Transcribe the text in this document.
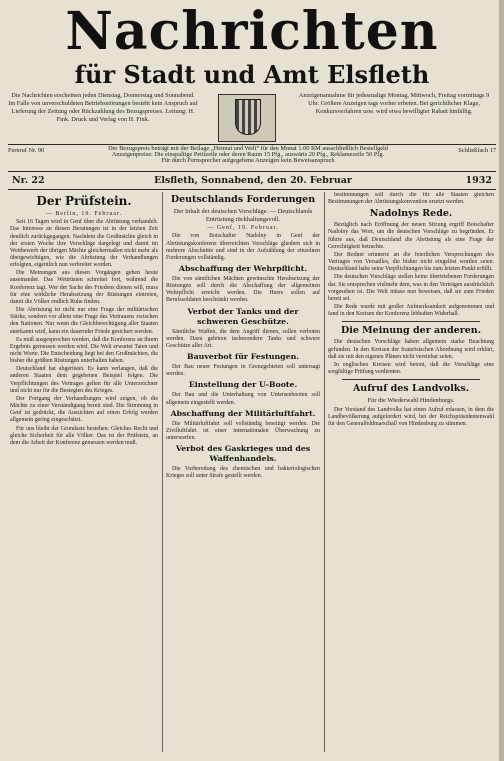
Nachrichten
für Stadt und Amt Elsfleth
Die Nachrichten erscheinen jeden Dienstag, Donnerstag und Sonnabend. Im Falle von unverschuldeten Betriebsstörungen besteht kein Anspruch auf Lieferung der Zeitung oder Rückzahlung des Bezugspreises. Leitung: H. Fink. Druck und Verlag von H. Fink.
Anzeigenannahme für jedesmalige Montag, Mittwoch, Freitag vormittags 9 Uhr. Größere Anzeigen tags vorher erbeten. Bei gerichtlicher Klage, Konkursverfahren usw. wird etwa bewilligter Rabatt hinfällig.
Fernruf Nr. 90	Der Bezugspreis beträgt mit der Beilage „Heimat und Welt“ für den Monat 1.00 RM ausschließlich Bestellgeld
Anzeigenpreise: Die einspaltige Petitzeile oder deren Raum 15 Pfg., auswärts 20 Pfg., Reklamezeile 50 Pfg.
Für durch Fernsprecher aufgegebene Anzeigen kein Beweisanspruch
Schließfach 17
Nr. 22	Elsfleth, Sonnabend, den 20. Februar	1932
Der Prüfstein.
— Berlin, 19. Februar.

Seit 16 Tagen wird in Genf über die Abrüstung verhandelt. Das Interesse an diesen Beratungen ist in der letzten Zeit deutlich zurückgegangen. Nachdem die Großmächte gleich in der ersten Woche ihre Vorschläge dargelegt und damit im Wettbewerb der übrigen Mächte gleichermaßen nicht mehr als übergewichtigen, wie die Abrüstung der Verhandlungen erfolgten, eigentlich nun verbreitet worden.

Die Meinungen aus diesen Vorgängen gehen heute auseinander. Das Wettrüsten schreitet fort, während die Konferenz tagt. Wer der Sache des Friedens dienen will, muss für eine wirkliche Herabsetzung der Rüstungen eintreten, damit die Völker endlich Ruhe finden.

Die Abrüstung ist nicht nur eine Frage der militärischen Stärke, sondern vor allem eine Frage des Vertrauens zwischen den Nationen. Nur wenn die Gleichberechtigung aller Staaten anerkannt wird, kann ein dauernder Friede gesichert werden.

Es muß ausgesprochen werden, daß die Konferenz an ihrem Ergebnis gemessen werden wird. Die Welt erwartet Taten und nicht Worte. Die Entscheidung liegt bei den Großmächten, die bisher die größten Rüstungen unterhalten haben.

Deutschland hat abgerüstet. Es kann verlangen, daß die anderen Staaten dem gegebenen Beispiel folgen. Die Verpflichtungen des Vertrages gelten für alle Unterzeichner und nicht nur für die Besiegten des Krieges.

Der Fortgang der Verhandlungen wird zeigen, ob die Mächte zu einer Verständigung bereit sind. Die Stimmung in Genf ist gedrückt, die Aussichten auf einen Erfolg werden allgemein gering eingeschätzt.

Für uns bleibt der Grundsatz bestehen: Gleiches Recht und gleiche Sicherheit für alle Völker. Das ist der Prüfstein, an dem die Arbeit der Konferenz gemessen werden muß.

Deutschlands Forderungen
Der Inhalt der deutschen Vorschläge. — Deutschlands Entrüstung rückhaltungsvoll.
— Genf, 19. Februar.

Die von Botschafter Nadolny in Genf der Abrüstungskonferenz überreichten Vorschläge gliedern sich in mehrere Abschnitte und sind in der Aufzählung der einzelnen Forderungen vollständig.

Abschaffung der Wehrpflicht.

Die von sämtlichen Mächten gewünschte Herabsetzung der Rüstungen soll durch die Abschaffung der allgemeinen Wehrpflicht erreicht werden. Die Heere sollen auf Berufssoldaten beschränkt werden.

Verbot der Tanks und der schweren Geschütze.

Sämtliche Waffen, die dem Angriff dienen, sollen verboten werden. Dazu gehören insbesondere Tanks und schwere Geschütze aller Art.

Bauverbot für Festungen.

Der Bau neuer Festungen in Grenzgebieten soll untersagt werden.

Einstellung der U-Boote.

Der Bau und die Unterhaltung von Unterseebooten soll allgemein eingestellt werden.

Abschaffung der Militärluftfahrt.

Die Militärluftfahrt soll vollständig beseitigt werden. Die Zivilluftfahrt ist einer internationalen Überwachung zu unterwerfen.

Verbot des Gaskrieges und des Waffenhandels.

Die Vorbereitung des chemischen und bakteriologischen Krieges soll unter Strafe gestellt werden.

bestimmungen soll durch die für alle Staaten gleichen Bestimmungen der Abrüstungskonvention ersetzt werden.

Nadolnys Rede.

Bezüglich nach Eröffnung der neuen Sitzung ergriff Botschafter Nadolny das Wort, um die deutschen Vorschläge zu begründen. Er führte aus, daß Deutschland die Abrüstung als eine Frage der Gerechtigkeit betrachte.

Der Redner erinnerte an die feierlichen Versprechungen des Vertrages von Versailles, die bisher nicht eingelöst worden seien. Deutschland habe seine Verpflichtungen bis zum letzten Punkt erfüllt.

Die deutschen Vorschläge stellen keine übertriebenen Forderungen dar. Sie entsprechen vielmehr dem, was in den Verträgen ausdrücklich vorgesehen ist. Die Welt müsse nun beweisen, daß sie zum Frieden bereit sei.

Die Rede wurde mit großer Aufmerksamkeit aufgenommen und fand in den Kreisen der Konferenz lebhaften Widerhall.

Die Meinung der anderen.

Die deutschen Vorschläge haben allgemein starke Beachtung gefunden. In den Kreisen der französischen Abordnung wird erklärt, daß sie mit den eigenen Plänen nicht vereinbar seien.

In englischen Kreisen wird betont, daß die Vorschläge eine sorgfältige Prüfung verdienten.

Aufruf des Landvolks.
Für die Wiederwahl Hindenburgs.

Der Vorstand des Landvolks hat einen Aufruf erlassen, in dem die Landbevölkerung aufgefordert wird, bei der Reichspräsidentenwahl für den Generalfeldmarschall von Hindenburg zu stimmen.
